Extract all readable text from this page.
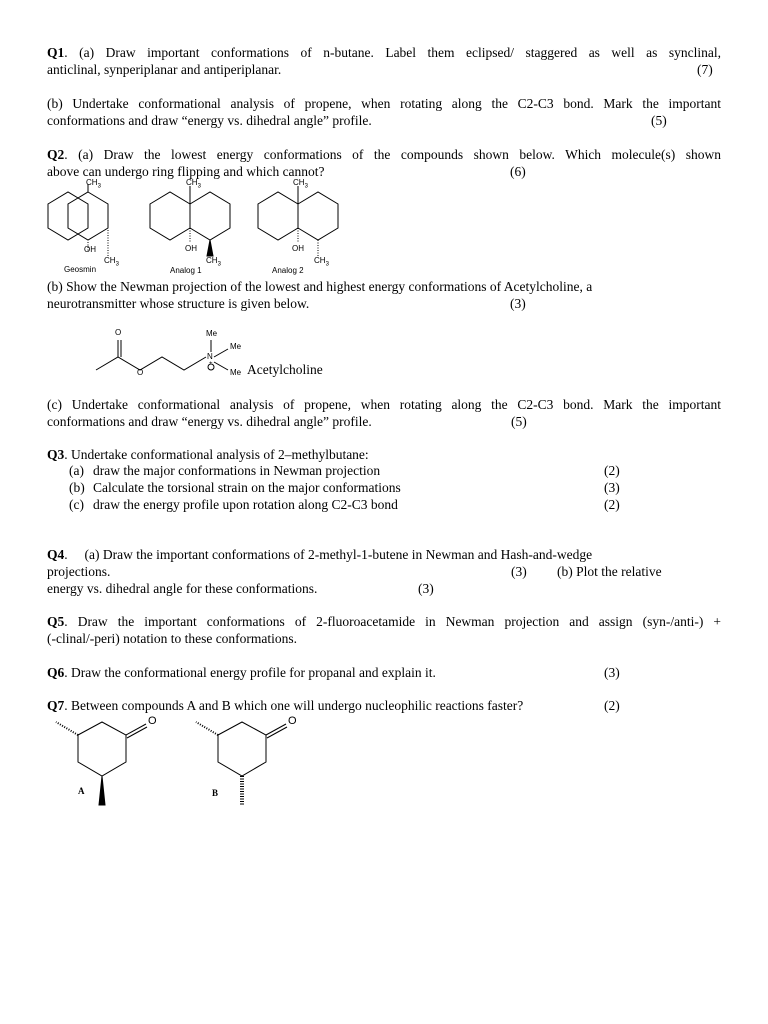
Q1. (a) Draw important conformations of n-butane. Label them eclipsed/ staggered as well as synclinal,
anticlinal, synperiplanar and antiperiplanar.	(7)
(b) Undertake conformational analysis of propene, when rotating along the C2-C3 bond. Mark the important
conformations and draw “energy vs. dihedral angle” profile.	(5)
Q2. (a) Draw the lowest energy conformations of the compounds shown below. Which molecule(s) shown
above can undergo ring flipping and which cannot?	(6)
$CH_3$
OH
$CH_3$
Geosmin
$CH_3$
OH
$CH_3$
Analog 1
$CH_3$
OH
$CH_3$
Analog 2
(b) Show the Newman projection of the lowest and highest energy conformations of Acetylcholine, a
neurotransmitter whose structure is given below.	(3)
O
O
Me
Me
N
+
Me Acetylcholine
(c) Undertake conformational analysis of propene, when rotating along the C2-C3 bond. Mark the important
conformations and draw “energy vs. dihedral angle” profile.	(5)
Q3. Undertake conformational analysis of 2–methylbutane:
(a) draw the major conformations in Newman projection	(2)
(b) Calculate the torsional strain on the major conformations	(3)
(c) draw the energy profile upon rotation along C2-C3 bond	(2)
Q4.     (a) Draw the important conformations of 2-methyl-1-butene in Newman and Hash-and-wedge
projections.	(3) (b) Plot the relative
energy vs. dihedral angle for these conformations.	(3)
Q5. Draw the important conformations of 2-fluoroacetamide in Newman projection and assign (syn-/anti-) +
(-clinal/-peri) notation to these conformations.
Q6. Draw the conformational energy profile for propanal and explain it.	(3)
Q7. Between compounds A and B which one will undergo nucleophilic reactions faster?	(2)
O	O
A	B
